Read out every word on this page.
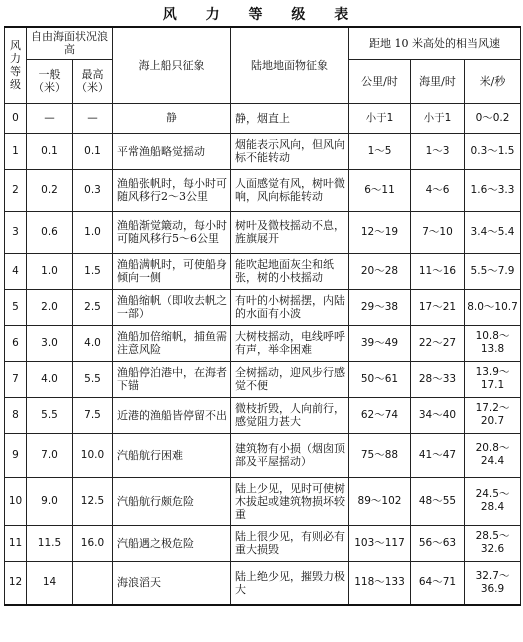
风 力 等 级 表
风力等级	自由海面状况浪 高		海上船只征象	陆地地面物征象	距地 10 米高处的相当风速		
	一般（米）	最高（米）			公里/时	海里/时	米/秒
0	—	—	静	静，烟直上	小于1	小于1	0～0.2
1	0.1	0.1	平常渔船略觉摇动	烟能表示风向，但风向标不能转动	1～5	1～3	0.3～1.5
2	0.2	0.3	渔船张帆时，每小时可随风移行2～3公里	人面感觉有风，树叶微响，风向标能转动	6～11	4～6	1.6～3.3
3	0.6	1.0	渔船渐觉簸动，每小时可随风移行5～6公里	树叶及微枝摇动不息，旌旗展开	12～19	7～10	3.4～5.4
4	1.0	1.5	渔船满帆时，可使船身倾向一侧	能吹起地面灰尘和纸张，树的小枝摇动	20～28	11～16	5.5～7.9
5	2.0	2.5	渔船缩帆（即收去帆之一部）	有叶的小树摇摆，内陆的水面有小波	29～38	17～21	8.0～10.7
6	3.0	4.0	渔船加倍缩帆，捕鱼需注意风险	大树枝摇动，电线呼呼有声，举伞困难	39～49	22～27	10.8～13.8
7	4.0	5.5	渔船停泊港中，在海者下锚	全树摇动，迎风步行感觉不便	50～61	28～33	13.9～17.1
8	5.5	7.5	近港的渔船皆停留不出	微枝折毁，人向前行，感觉阻力甚大	62～74	34～40	17.2～20.7
9	7.0	10.0	汽船航行困难	建筑物有小损（烟囱顶部及平屋摇动）	75～88	41～47	20.8～24.4
10	9.0	12.5	汽船航行颇危险	陆上少见，见时可使树木拔起或建筑物损坏较重	89～102	48～55	24.5～28.4
11	11.5	16.0	汽船遇之极危险	陆上很少见，有则必有重大损毁	103～117	56～63	28.5～32.6
12	14		海浪滔天	陆上绝少见，摧毁力极大	118～133	64～71	32.7～36.9
